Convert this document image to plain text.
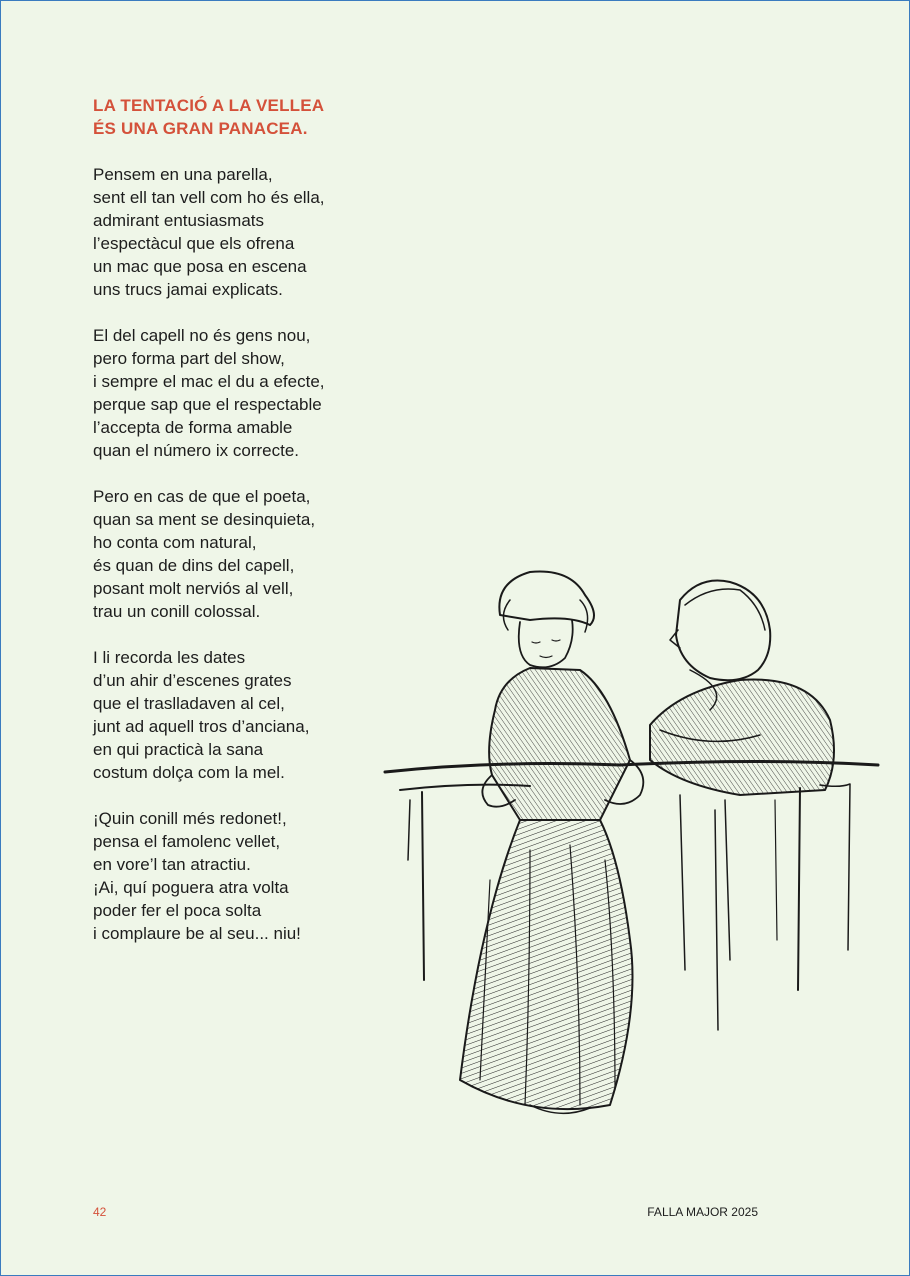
LA TENTACIÓ A LA VELLEA
ÉS UNA GRAN PANACEA.
Pensem en una parella,
sent ell tan vell com ho és ella,
admirant entusiasmats
l’espectàcul que els ofrena
un mac que posa en escena
uns trucs jamai explicats.
El del capell no és gens nou,
pero forma part del show,
i sempre el mac el du a efecte,
perque sap que el respectable
l’accepta de forma amable
quan el número ix correcte.
Pero en cas de que el poeta,
quan sa ment se desinquieta,
ho conta com natural,
és quan de dins del capell,
posant molt nerviós al vell,
trau un conill colossal.
I li recorda les dates
d’un ahir d’escenes grates
que el traslladaven al cel,
junt ad aquell tros d’anciana,
en qui practicà la sana
costum dolça com la mel.
¡Quin conill més redonet!,
pensa el famolenc vellet,
en vore’l tan atractiu.
¡Ai, quí poguera atra volta
poder fer el poca solta
i complaure be al seu... niu!
42	FALLA MAJOR 2025
